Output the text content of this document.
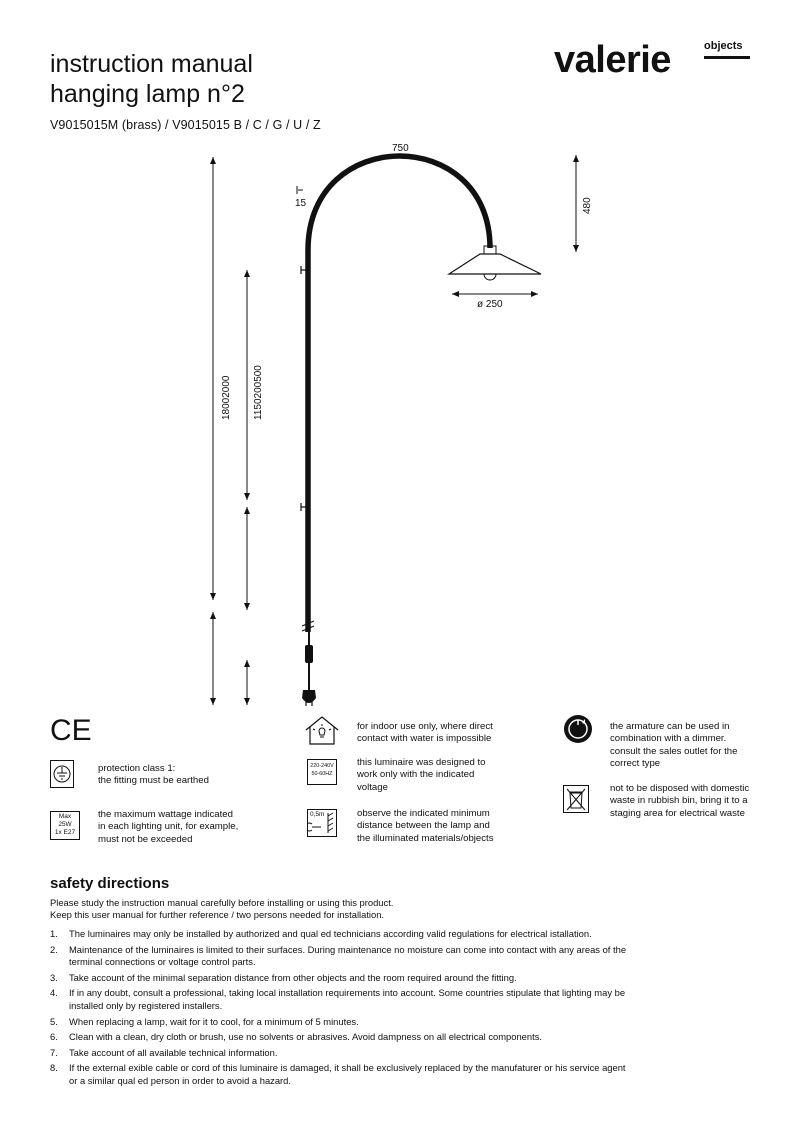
instruction manual
hanging lamp n°2
V9015015M (brass) / V9015015 B / C / G / U / Z
valerie	objects
750
15	480
ø 250
18002000 1150200500
CE
protection class 1:
the fitting must be earthed
Max
25W
1x E27
the maximum wattage indicated
in each lighting unit, for example,
must not be exceeded
for indoor use only, where direct
contact with water is impossible
220-240V
50-60HZ
this luminaire was designed to
work only with the indicated
voltage
0,5m	observe the indicated minimum
distance between the lamp and
the illuminated materials/objects
the armature can be used in
combination with a dimmer.
consult the sales outlet for the
correct type
not to be disposed with domestic
waste in rubbish bin, bring it to a
staging area for electrical waste
safety directions
Please study the instruction manual carefully before installing or using this product.
Keep this user manual for further reference / two persons needed for installation.
1. The luminaires may only be installed by authorized and qual ed technicians according valid regulations for electrical istallation.
2. Maintenance of the luminaires is limited to their surfaces. During maintenance no moisture can come into contact with any areas of the terminal connections or voltage control parts.
3. Take account of the minimal separation distance from other objects and the room required around the fitting.
4. If in any doubt, consult a professional, taking local installation requirements into account. Some countries stipulate that lighting may be installed only by registered installers.
5. When replacing a lamp, wait for it to cool, for a minimum of 5 minutes.
6. Clean with a clean, dry cloth or brush, use no solvents or abrasives. Avoid dampness on all electrical components.
7. Take account of all available technical information.
8. If the external exible cable or cord of this luminaire is damaged, it shall be exclusively replaced by the manufaturer or his service agent or a similar qual ed person in order to avoid a hazard.
